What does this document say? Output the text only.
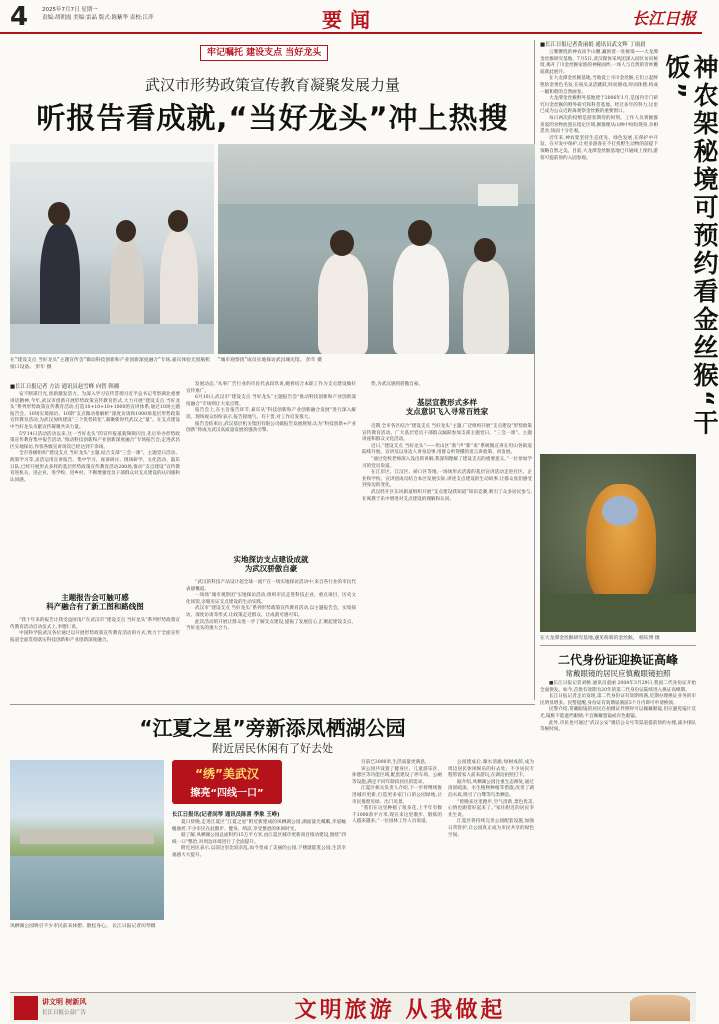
4	2025年7月7日 星期一
责编:胡朝霞 美编:雷晶 版式:陈紫华 责校:江萍	要闻	长江日报
牢记嘱托 建设支点 当好龙头
武汉市形势政策宣传教育凝聚发展力量
听报告看成就,“当好龙头”冲上热搜
在“建设支点 当好龙头”主题宣传会“微动科技创新和产业创新深度融合”专场,嘉宾体验无创脑机接口设备。 彭年 摄
“城市观察团”成员实地探访武昌城史馆。 彭年 摄
■长江日报记者 方洁 通讯员赵雪峰 向智 韩湘

安不断谋目光,创新激发活力。为深入学习宣传贯彻习近平总书记考察湖北重要讲话精神,今年,武汉市创新开展形势政策宣传教育形式,大力开展“建设支点 当好龙头”系列形势政策宣传教育活动,打造10+10+10+1000的宣讲体系,通过10场主题报告会、10场实境探访、10期“支点微动推解析”深度访谈和1000场基层形势政策宣传教育活动,为武汉加快建设“三个优势转化”,凝聚新时代武汉之“量”。在支点建设中当好龙头贡献宣传凝聚共识力量。

5至14日活动活动以来,这一当好龙头”的宣传报道就频频闪出,先后举办形势政策宣传教育集中报告活动,“推动科技创新和产业创新深度融合”专场报告会;走进武昌区实地探访,作客各级宣讲场次已经达到千余场。

全市各级组织“建设支点 当好龙头”主题,结合支部“三会一课”、主题党日活动、政策学习等,灵活运用宣讲报告、集中学习、座谈研讨、现场研学、文化活动、鼓乐日队,已经开展形式多样的基层形势政策宣传教育活动200场,推动“支点建设”宣传教育进机关、进企业、进学校、进乡村、不断增强党员干部群众对支点建设的认同感和认同感。

主题报告会可触可感
科产融合有了新工图和路线图

“我十年来的报告让我受益匪浅!”在武汉市“建设支点 当好龙头”系列形势政策宣传教育活动启动仪式上,李德仁说。

中国科学院武汉各位通过以开展形势政策宣传教育活动的方式,致力于全面宣传报道全面贯彻落实科技创新和产业创新深度融合。

发展动态,“从事广告行业的市民代表段玖说,她将结合本职工作为支点建设做好宣传推广。

6月10日,武汉市“建设支点 当好龙头”主题报告会“推动科技创新和产业创新深度融合”专场则让大家点赞。

报告会上,在主旨报告环节,嘉宾从“科技创新和产业创新融合发展”进行深入解读。现场观众纷纷表示,报告接地气、有干货,对工作启发很大。

报告会结束后,武汉基层机关集团有限公司做报告发展规划,认为“科技创新+产业创新”将成为武汉高质量发展的强劲引擎。

实地探访支点建设成就
为武汉骄傲自豪

“武汉的科技产品设计超全球一流!”在一场实地探访活动中,来自各行业的市民代表感慨道。

一场场“城市观察团”实地探访活动,组织市民走进科技企业、重点项目、历史文化场馆,亲眼见证支点建设的生动实践。

武汉市“建设支点 当好龙头”系列形势政策宣传教育活动,以主题报告会、实境探访、深度访谈等形式,让政策走近群众、让成就可感可知。

此次活动的开展让群众进一步了解支点建设,提振了发展信心,汇聚起建设支点、当好龙头的强大合力。

势,为武汉感到骄傲自豪。

基层宣教形式多样
支点意识飞入寻常百姓家

近期,全市各区结合“建设支点 当好龙头”主题,广泛组织开展“支点建设”形势政策宣传教育活动。广大基层党员干部群众踊跃参加支部主题党日、“三会一课”、主题讲座和群众文化活动。

近日,“建设支点 当好龙头”——坦山区“新”声“新”说”系统微宣讲在坦山各街道陆续开展。宣讲员以身边人讲身边事,用群众听得懂的语言讲政策、讲发展。

“通过党校老师深入浅出的讲解,我深刻理解了建设支点的重要意义。”一位参加学习的党员说道。

在江岸区、江汉区、硚口区等地,一场场形式活泼的基层宣讲活动走进社区、企业和学校。宣讲团成员结合本区发展实际,讲述支点建设的生动故事,让群众真切感受到身边的变化。

武汉经开区东风街道组织开展“支点建设我知道”知识竞赛,吸引了众多居民参与,在寓教于乐中增进对支点建设的理解和认同。

■长江日报记者黄丽娟 通讯员武文辉 丁雨晨

云雾缭绕的神农顶半山腰,藏匿着一处秘境——大龙潭金丝猴研究基地。7月5日,武汉媒体采风团深入园区访问秘境,揭开了川金丝猴家族的神秘面纱,一场人与自然的奇妙邂逅就此展开。

在大龙潭金丝猴基地,当地爱上寻川金丝猴,它们立起鲜艳的金黄色毛发,在枝头灵活跳跃,时而嬉戏,时而休憩,构成一幅和谐的自然画卷。

大龙潭金丝猴野外基地建于2006年1月,是国内专门研究川金丝猴的野外研究和科普基地。经过多年的努力,这里已成为公众近距离观察金丝猴的重要窗口。

每日两次的投喂是游客期待的时刻。工作人员将猴群喜爱的食物放置在指定区域,猴群便从山林中纷纷现身,争相觅食,场面十分壮观。

近年来,神农架坚持生态优先、绿色发展,在保护中开发、在开发中保护,让更多游客在不打扰野生动物的前提下领略自然之美。目前,大龙潭金丝猴基地已开通线上预约,游客可提前预约入园参观。	神农架秘境可预约看金丝猴“干饭”
在大龙潭金丝猴研究基地,遇见萌萌的金丝猴。 杨钰博 摄
二代身份证迎换证高峰
常戴眼镜的居民应慎戴眼镜拍照

■长江日报记者刘畅 通讯员童丽 2004年3月29日,我国二代身份证开始全面换发。如今,首批有效期为20年的第二代身份证陆续进入换证高峰期。

长江日报记者走访发现,第二代身份证有效期将满,近期办理换证业务的市民明显增多。民警提醒,身份证有效期届满前3个月内即可申请换领。

民警介绍,常戴眼镜的居民在拍摄证件照时可以佩戴眼镜,但应避免镜片反光,镜框不能遮挡眼睛;不宜佩戴墨镜或有色眼镜。

此外,市民也可通过“武汉公安”微信公众号等渠道提前预约办理,减少排队等候时间。

“江夏之星”旁新添凤栖湖公园
附近居民休闲有了好去处
凤栖湖公园吸引不少市民前来休憩、散松身心。 长江日报记者闵琴摄
“绣”美武汉
擦亮“四线一口”
长江日报讯(记者闵琴 通讯员陈喜 季象 王峥)

夏日傍晚,走进江夏区“江夏之星”附近新建成的凤栖湖公园,湖面波光粼粼,步道蜿蜒曲折,不少市民在此散步、健身、纳凉,享受惬意的休闲时光。

据了解,凤栖湖公园总面积约15万平方米,由江夏区城市更新项目推动建设,围绕“四线一口”整治,对周边环境进行了全面提升。

附近居民表示,以前这里比较杂乱,如今变成了美丽的公园,下楼就能逛公园,生活幸福感大大提升。

目前已3000米,生活质量更满意。

该公园共设置了健身区、儿童游乐区、休憩区等功能区域,配套建设了停车场、公厕等设施,满足不同年龄段居民的需求。

江夏区相关负责人介绍,下一步将继续推进城市更新,打造更多家门口的公园绿地,让市民推窗见绿、出门见景。

“我们在这里种植了很多花,上半年有数千1000余平方米,现在来这里散步、锻炼的人越来越多。”一位园林工作人员说道。

公园建成后,湖水清澈,绿树成荫,成为周边居民休闲娱乐的好去处。不少居民专程带着家人前来游玩,在湖边拍照打卡。

据介绍,凤栖湖公园注重生态修复,通过清淤疏浚、水生植物种植等措施,改善了湖泊水质,吸引了白鹭等鸟类栖息。

“傍晚来这里跑步,空气清新,景色优美,心情也跟着好起来了。”家住附近的居民李先生说。

江夏区将持续完善公园配套设施,加强日常管护,让公园真正成为市民共享的绿色空间。

讲文明 树新风
长江日报公益广告	文明旅游 从我做起
